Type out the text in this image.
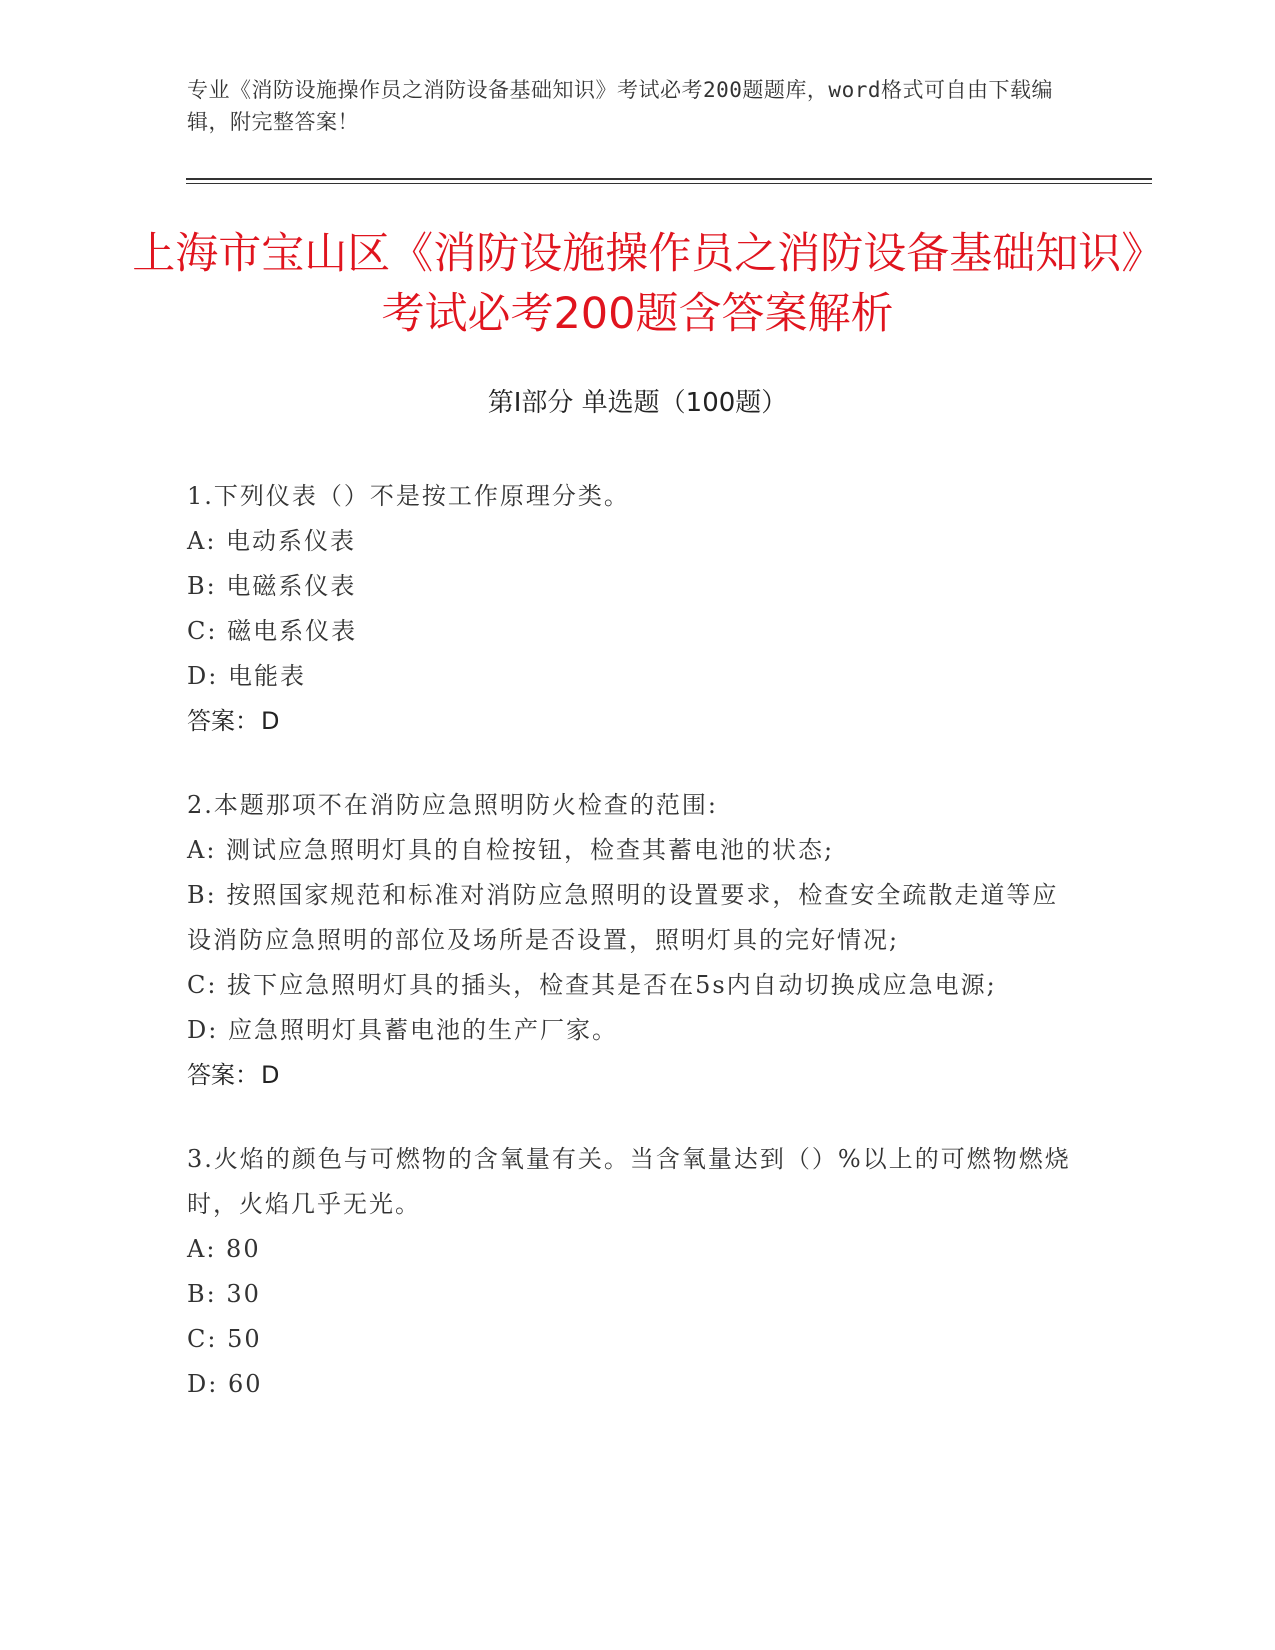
专业《消防设施操作员之消防设备基础知识》考试必考200题题库，word格式可自由下载编辑，附完整答案！
上海市宝山区《消防设施操作员之消防设备基础知识》考试必考200题含答案解析
第I部分 单选题（100题）

1.下列仪表（）不是按工作原理分类。

A: 电动系仪表

B: 电磁系仪表

C: 磁电系仪表

D: 电能表

答案：D

2.本题那项不在消防应急照明防火检查的范围:

A: 测试应急照明灯具的自检按钮，检查其蓄电池的状态;

B: 按照国家规范和标准对消防应急照明的设置要求，检查安全疏散走道等应设消防应急照明的部位及场所是否设置，照明灯具的完好情况;

C: 拔下应急照明灯具的插头，检查其是否在5s内自动切换成应急电源;

D: 应急照明灯具蓄电池的生产厂家。

答案：D

3.火焰的颜色与可燃物的含氧量有关。当含氧量达到（）%以上的可燃物燃烧时，火焰几乎无光。

A: 80

B: 30

C: 50

D: 60
